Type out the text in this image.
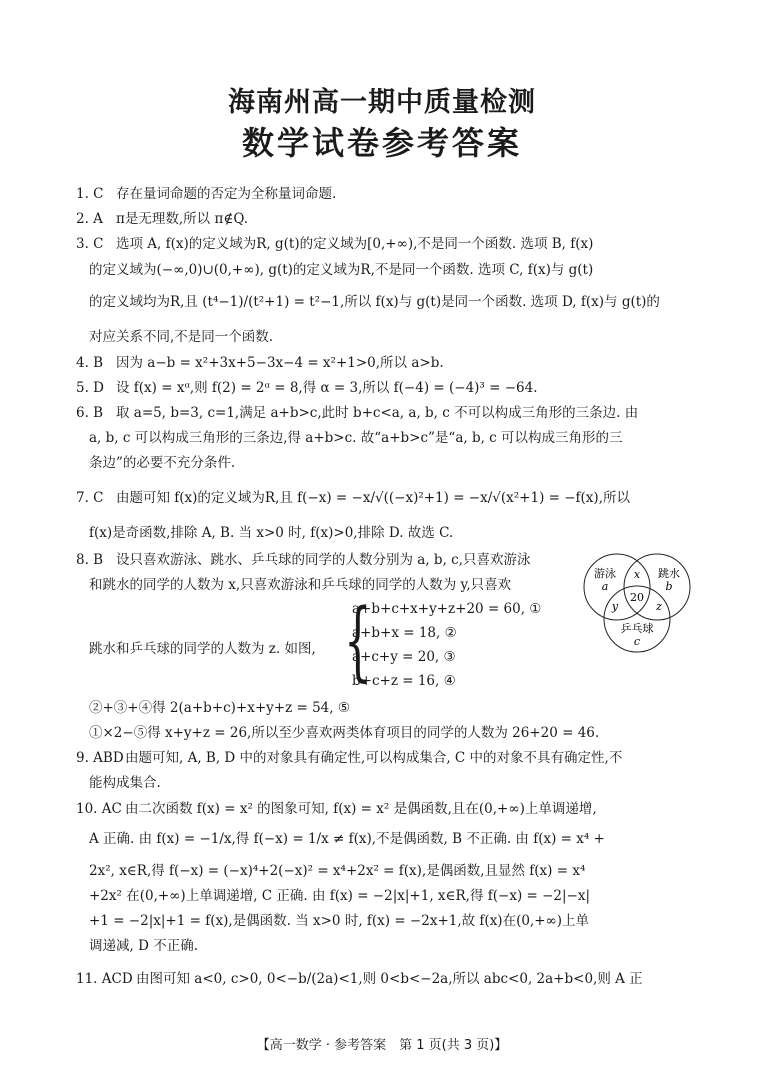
海南州高一期中质量检测
数学试卷参考答案
1. C 存在量词命题的否定为全称量词命题.
2. A π是无理数,所以 π∉Q.
3. C 选项 A, f(x)的定义域为R, g(t)的定义域为[0,+∞),不是同一个函数. 选项 B, f(x)
的定义域为(−∞,0)∪(0,+∞), g(t)的定义域为R,不是同一个函数. 选项 C, f(x)与 g(t)
的定义域均为R,且 (t⁴−1)/(t²+1) = t²−1,所以 f(x)与 g(t)是同一个函数. 选项 D, f(x)与 g(t)的
对应关系不同,不是同一个函数.
4. B 因为 a−b = x²+3x+5−3x−4 = x²+1>0,所以 a>b.
5. D 设 f(x) = xᵅ,则 f(2) = 2ᵅ = 8,得 α = 3,所以 f(−4) = (−4)³ = −64.
6. B 取 a=5, b=3, c=1,满足 a+b>c,此时 b+c<a, a, b, c 不可以构成三角形的三条边. 由
a, b, c 可以构成三角形的三条边,得 a+b>c. 故“a+b>c”是“a, b, c 可以构成三角形的三
条边”的必要不充分条件.
7. C 由题可知 f(x)的定义域为R,且 f(−x) = −x/√((−x)²+1) = −x/√(x²+1) = −f(x),所以
f(x)是奇函数,排除 A, B. 当 x>0 时, f(x)>0,排除 D. 故选 C.
8. B 设只喜欢游泳、跳水、乒乓球的同学的人数分别为 a, b, c,只喜欢游泳
和跳水的同学的人数为 x,只喜欢游泳和乒乓球的同学的人数为 y,只喜欢
跳水和乒乓球的同学的人数为 z. 如图, {
a+b+c+x+y+z+20 = 60, ①
a+b+x = 18, ②
a+c+y = 20, ③
b+c+z = 16, ④
游泳
a
跳水
b
x
20
y	z
乒乓球
c
②+③+④得 2(a+b+c)+x+y+z = 54, ⑤
①×2−⑤得 x+y+z = 26,所以至少喜欢两类体育项目的同学的人数为 26+20 = 46.
9. ABD由题可知, A, B, D 中的对象具有确定性,可以构成集合, C 中的对象不具有确定性,不
能构成集合.
10. AC 由二次函数 f(x) = x² 的图象可知, f(x) = x² 是偶函数,且在(0,+∞)上单调递增,
A 正确. 由 f(x) = −1/x,得 f(−x) = 1/x ≠ f(x),不是偶函数, B 不正确. 由 f(x) = x⁴ +
2x², x∈R,得 f(−x) = (−x)⁴+2(−x)² = x⁴+2x² = f(x),是偶函数,且显然 f(x) = x⁴
+2x² 在(0,+∞)上单调递增, C 正确. 由 f(x) = −2|x|+1, x∈R,得 f(−x) = −2|−x|
+1 = −2|x|+1 = f(x),是偶函数. 当 x>0 时, f(x) = −2x+1,故 f(x)在(0,+∞)上单
调递减, D 不正确.
11. ACD 由图可知 a<0, c>0, 0<−b/(2a)<1,则 0<b<−2a,所以 abc<0, 2a+b<0,则 A 正
【高一数学 · 参考答案　第 1 页(共 3 页)】
